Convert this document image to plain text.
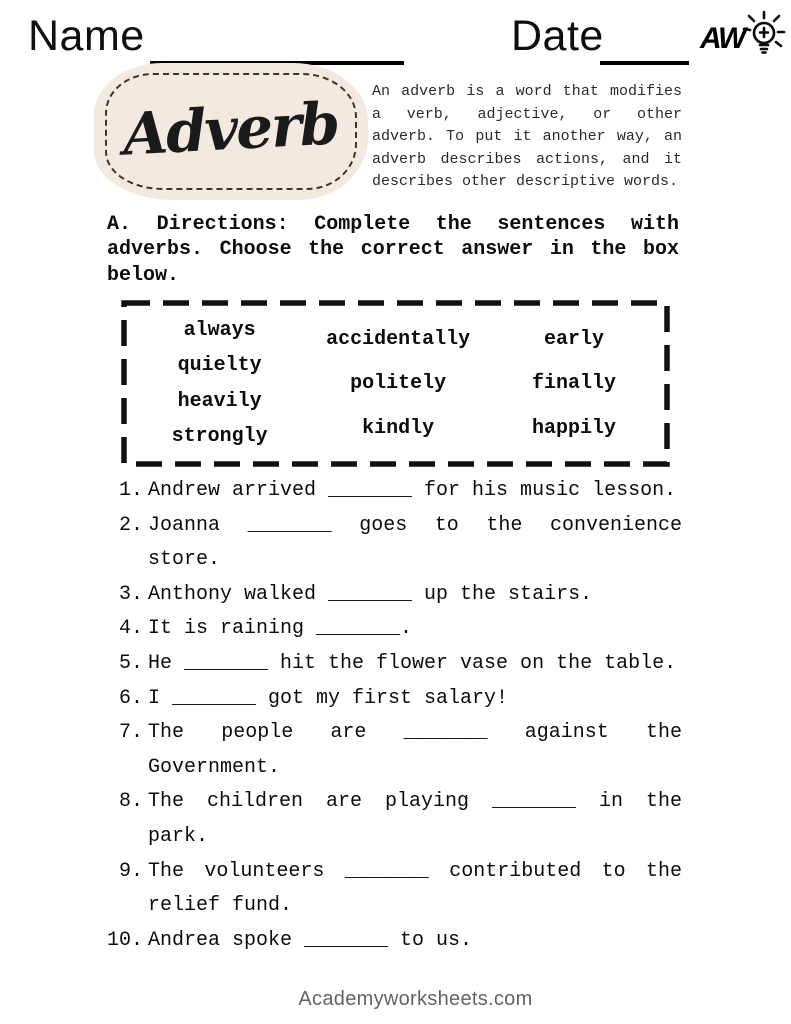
Name	Date	AW
Adverb An adverb is a word that modifies a verb, adjective, or other adverb. To put it another way, an adverb describes actions, and it describes other descriptive words.
A. Directions: Complete the sentences with adverbs. Choose the correct answer in the box below.
always
quielty
heavily
strongly
accidentally
politely
kindly
early
finally
happily
1. Andrew arrived _______ for his music lesson.
2. Joanna _______ goes to the convenience store.
3. Anthony walked _______ up the stairs.
4. It is raining _______.
5. He _______ hit the flower vase on the table.
6. I _______ got my first salary!
7. The people are _______ against the Government.
8. The children are playing _______ in the park.
9. The volunteers _______ contributed to the relief fund.
10. Andrea spoke _______ to us.
Academyworksheets.com
